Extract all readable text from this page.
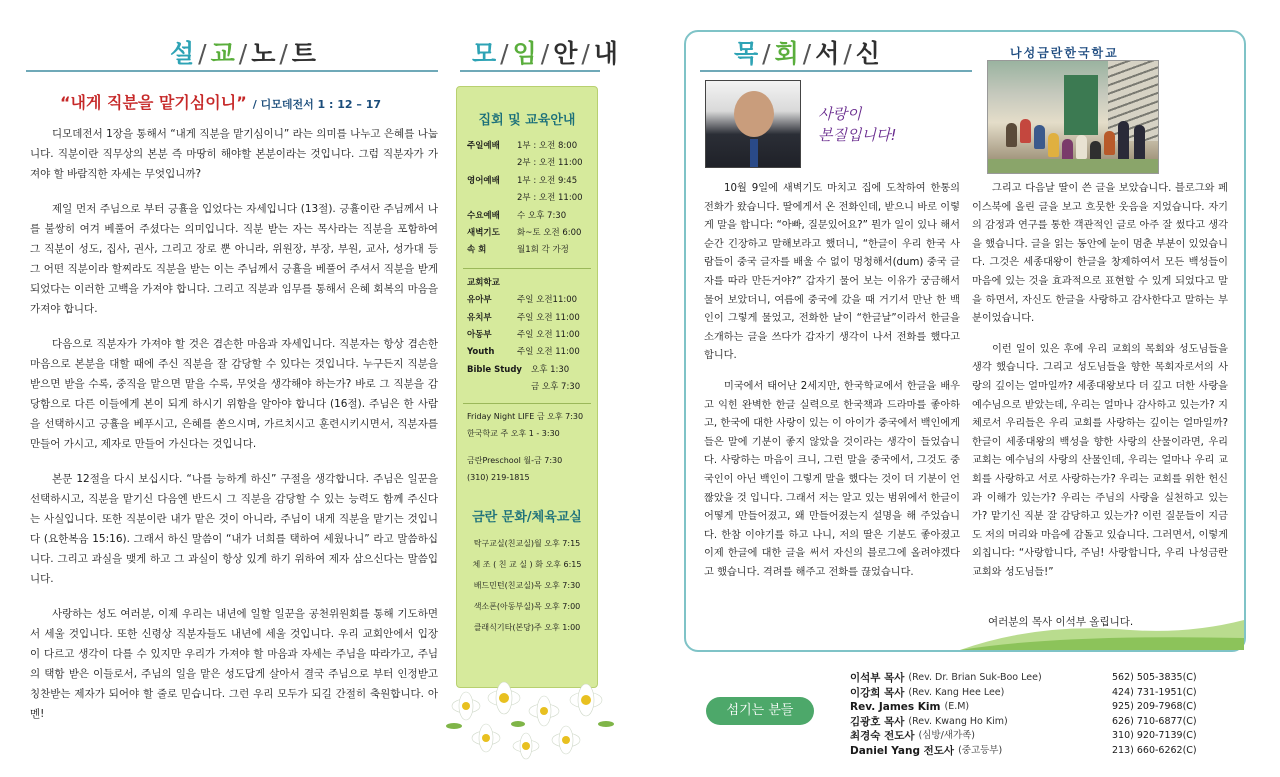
설 / 교 / 노 / 트
“내게 직분을 맡기심이니” / 디모데전서 1 : 12 – 17

디모데전서 1장을 통해서 “내게 직분을 맡기심이니” 라는 의미를 나누고 은혜를 나눕니다. 직분이란 직무상의 본분 즉 마땅히 해야할 본분이라는 것입니다. 그럼 직분자가 가져야 할 바람직한 자세는 무엇입니까?

제일 먼저 주님으로 부터 긍휼을 입었다는 자세입니다 (13절). 긍휼이란 주님께서 나를 불쌍히 여겨 베풀어 주셨다는 의미입니다. 직분 받는 자는 목사라는 직분을 포함하여 그 직분이 성도, 집사, 권사, 그리고 장로 뿐 아니라, 위원장, 부장, 부원, 교사, 성가대 등 그 어떤 직분이라 할찌라도 직분을 받는 이는 주님께서 긍휼을 베풀어 주셔서 직분을 받게 되었다는 이러한 고백을 가져야 합니다. 그리고 직분과 임무를 통해서 은혜 회복의 마음을 가져야 합니다.

다음으로 직분자가 가져야 할 것은 겸손한 마음과 자세입니다. 직분자는 항상 겸손한 마음으로 본분을 대할 때에 주신 직분을 잘 감당할 수 있다는 것입니다. 누구든지 직분을 받으면 받을 수록, 중직을 맡으면 맡을 수록, 무엇을 생각해야 하는가? 바로 그 직분을 감당함으로 다른 이들에게 본이 되게 하시기 위함을 알아야 합니다 (16절). 주님은 한 사람을 선택하시고 긍휼을 베푸시고, 은혜를 쏟으시며, 가르치시고 훈련시키시면서, 직분자를 만들어 가시고, 제자로 만들어 가신다는 것입니다.

본문 12절을 다시 보십시다. “나를 능하게 하신” 구절을 생각합니다. 주님은 일꾼을 선택하시고, 직분을 맡기신 다음엔 반드시 그 직분을 감당할 수 있는 능력도 함께 주신다는 사실입니다. 또한 직분이란 내가 맡은 것이 아니라, 주님이 내게 직분을 맡기는 것입니다 (요한복음 15:16). 그래서 하신 말씀이 “내가 너희를 택하여 세웠나니” 라고 말씀하십니다. 그리고 과실을 맺게 하고 그 과실이 항상 있게 하기 위하여 제자 삼으신다는 말씀입니다.

사랑하는 성도 여러분, 이제 우리는 내년에 일할 일꾼을 공천위원회를 통해 기도하면서 세울 것입니다. 또한 신령상 직분자들도 내년에 세울 것입니다. 우리 교회안에서 입장이 다르고 생각이 다를 수 있지만 우리가 가져야 할 마음과 자세는 주님을 따라가고, 주님의 택함 받은 이들로서, 주님의 일을 맡은 성도답게 살아서 결국 주님으로 부터 인정받고 칭찬받는 제자가 되어야 할 줄로 믿습니다. 그런 우리 모두가 되길 간절히 축원합니다. 아멘!

모 / 임 / 안 / 내
집회 및 교육안내
주일예배	1부 : 오전 8:00
2부 : 오전 11:00
영어예배	1부 : 오전 9:45
2부 : 오전 11:00
수요예배	수 오후 7:30
새벽기도	화~토 오전 6:00
속 회	월1회 각 가정
교회학교
유아부	주일 오전11:00
유치부	주일 오전 11:00
아동부	주일 오전 11:00
Youth	주일 오전 11:00
Bible Study	오후 1:30
금 오후 7:30
Friday Night LIFE 금 오후 7:30
한국학교 주 오후 1 - 3:30
금란Preschool 월-금 7:30
(310) 219-1815
금란 문화/체육교실
탁구교실(친교실)월 오후 7:15
체 조 ( 친 교 실 ) 화 오후 6:15
배드민턴(친교실)목 오후 7:30
색소폰(아동부실)목 오후 7:00
클래식기타(본당)주 오후 1:00
목 / 회 / 서 / 신
사랑이
본질입니다!
나성금란한국학교

10월 9일에 새벽기도 마치고 집에 도착하여 한통의 전화가 왔습니다. 딸에게서 온 전화인데, 받으니 바로 이렇게 말을 합니다: “아빠, 질문있어요?” 뭔가 일이 있나 해서 순간 긴장하고 말해보라고 했더니, “한글이 우리 한국 사람들이 중국 글자를 배울 수 없이 멍청해서(dum) 중국 글자를 따라 만든거야?” 갑자기 물어 보는 이유가 궁금해서 물어 보았더니, 여름에 중국에 갔을 때 거기서 만난 한 백인이 그렇게 물었고, 전화한 날이 “한글날”이라서 한글을 소개하는 글을 쓰다가 갑자기 생각이 나서 전화를 했다고 합니다.

미국에서 태어난 2세지만, 한국학교에서 한글을 배우고 익힌 완벽한 한글 실력으로 한국책과 드라마를 좋아하고, 한국에 대한 사랑이 있는 이 아이가 중국에서 백인에게 들은 말에 기분이 좋지 않았을 것이라는 생각이 들었습니다. 사랑하는 마음이 크니, 그런 말을 중국에서, 그것도 중국인이 아닌 백인이 그렇게 말을 했다는 것이 더 기분이 언짢았을 것 입니다. 그래서 저는 알고 있는 범위에서 한글이 어떻게 만들어졌고, 왜 만들어졌는지 설명을 해 주었습니다. 한참 이야기를 하고 나니, 저의 딸은 기분도 좋아졌고 이제 한글에 대한 글을 써서 자신의 블로그에 올려야겠다고 했습니다. 격려를 해주고 전화를 끊었습니다.

그리고 다음날 딸이 쓴 글을 보았습니다. 블로그와 페이스북에 올린 글을 보고 흐뭇한 웃음을 지었습니다. 자기의 감정과 연구를 통한 객관적인 글로 아주 잘 썼다고 생각을 했습니다. 글을 읽는 동안에 눈이 멈춘 부분이 있었습니다. 그것은 세종대왕이 한글을 창제하여서 모든 백성들이 마음에 있는 것을 효과적으로 표현할 수 있게 되었다고 말을 하면서, 자신도 한글을 사랑하고 감사한다고 말하는 부분이었습니다.

이런 일이 있은 후에 우리 교회의 목회와 성도님들을 생각 했습니다. 그리고 성도님들을 향한 목회자로서의 사랑의 깊이는 얼마일까? 세종대왕보다 더 깊고 더한 사랑을 예수님으로 받았는데, 우리는 얼마나 감사하고 있는가? 지체로서 우리들은 우리 교회를 사랑하는 깊이는 얼마일까? 한글이 세종대왕의 백성을 향한 사랑의 산물이라면, 우리 교회는 예수님의 사랑의 산물인데, 우리는 얼마나 우리 교회를 사랑하고 서로 사랑하는가? 우리는 교회를 위한 헌신과 이해가 있는가? 우리는 주님의 사랑을 실천하고 있는가? 맡기신 직분 잘 감당하고 있는가? 이런 질문들이 지금도 저의 머리와 마음에 감돌고 있습니다. 그러면서, 이렇게 외칩니다: “사랑합니다, 주님! 사랑합니다, 우리 나성금란교회와 성도님들!”

여러분의 목사 이석부 올립니다.
섬기는 분들
이석부 목사 (Rev. Dr. Brian Suk-Boo Lee)	562) 505-3835(C)
이강희 목사 (Rev. Kang Hee Lee)	424) 731-1951(C)
Rev. James Kim (E.M)	925) 209-7968(C)
김광호 목사 (Rev. Kwang Ho Kim)	626) 710-6877(C)
최경숙 전도사 (심방/새가족)	310) 920-7139(C)
Daniel Yang 전도사 (중고등부)	213) 660-6262(C)
